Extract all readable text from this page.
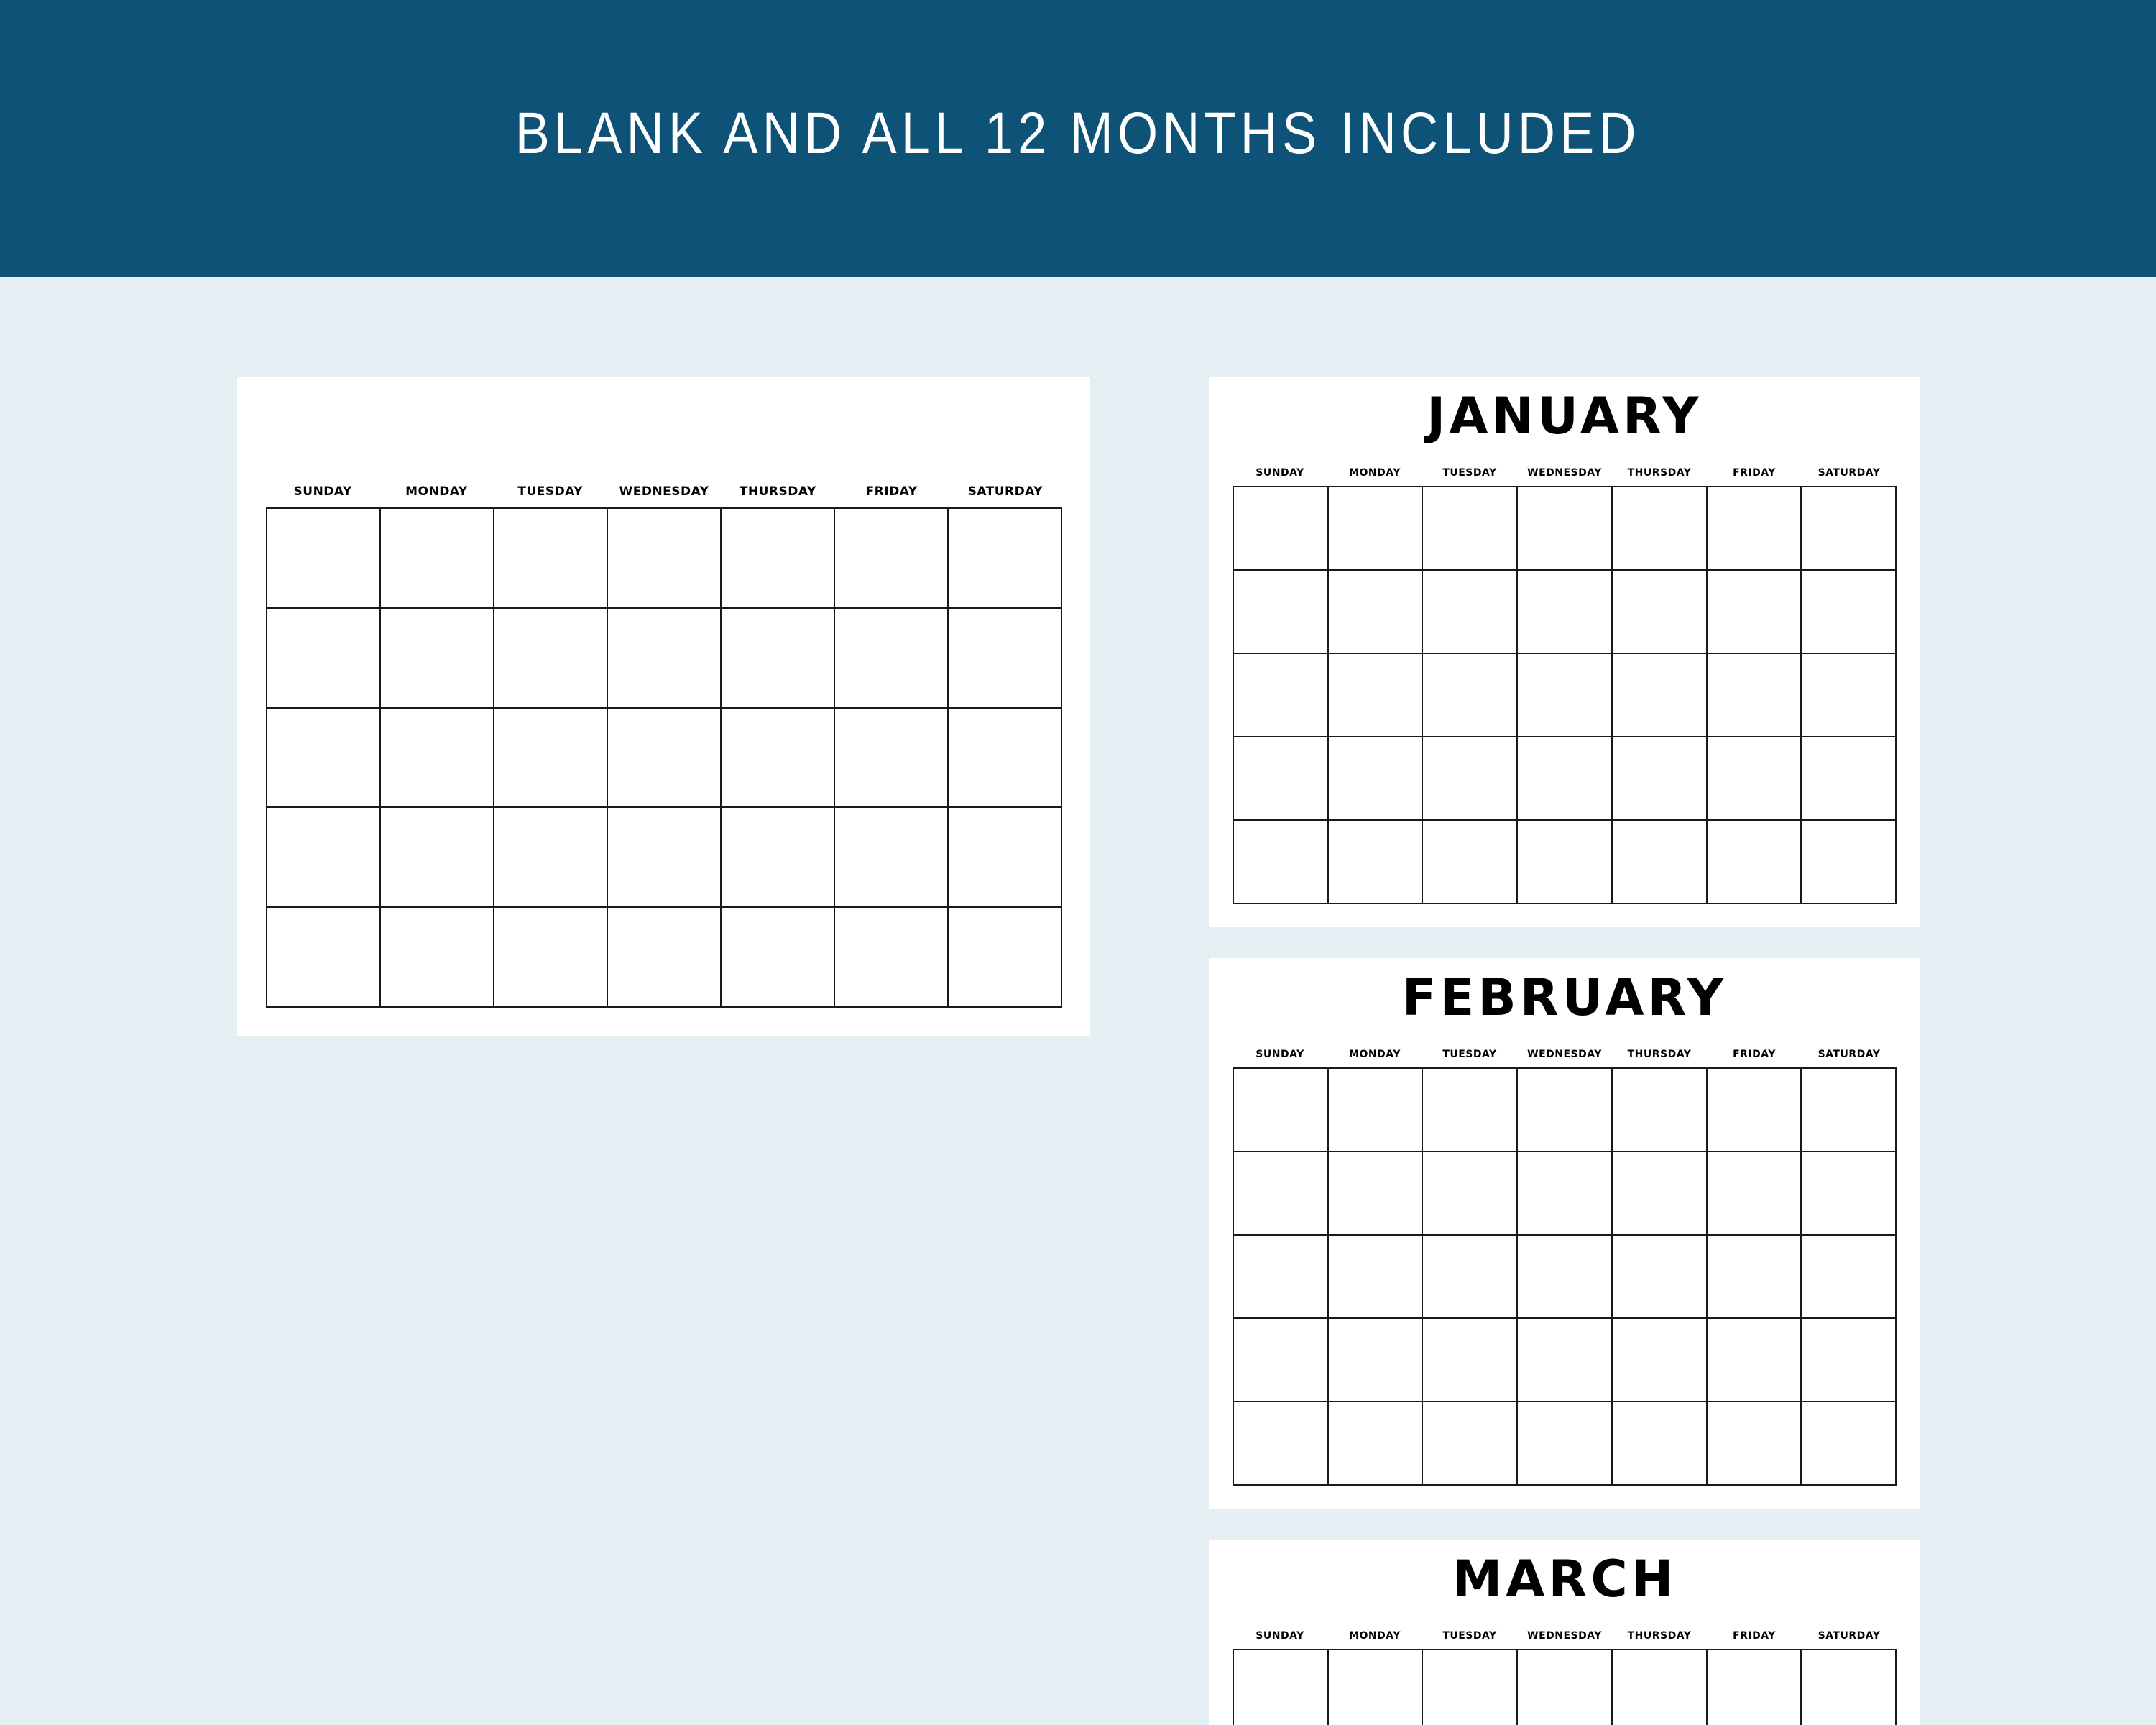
BLANK AND ALL 12 MONTHS INCLUDED
SUNDAY	MONDAY	TUESDAY	WEDNESDAY	THURSDAY	FRIDAY	SATURDAY
JANUARY
SUNDAY	MONDAY	TUESDAY	WEDNESDAY	THURSDAY	FRIDAY	SATURDAY
FEBRUARY
SUNDAY	MONDAY	TUESDAY	WEDNESDAY	THURSDAY	FRIDAY	SATURDAY
MARCH
SUNDAY	MONDAY	TUESDAY	WEDNESDAY	THURSDAY	FRIDAY	SATURDAY
